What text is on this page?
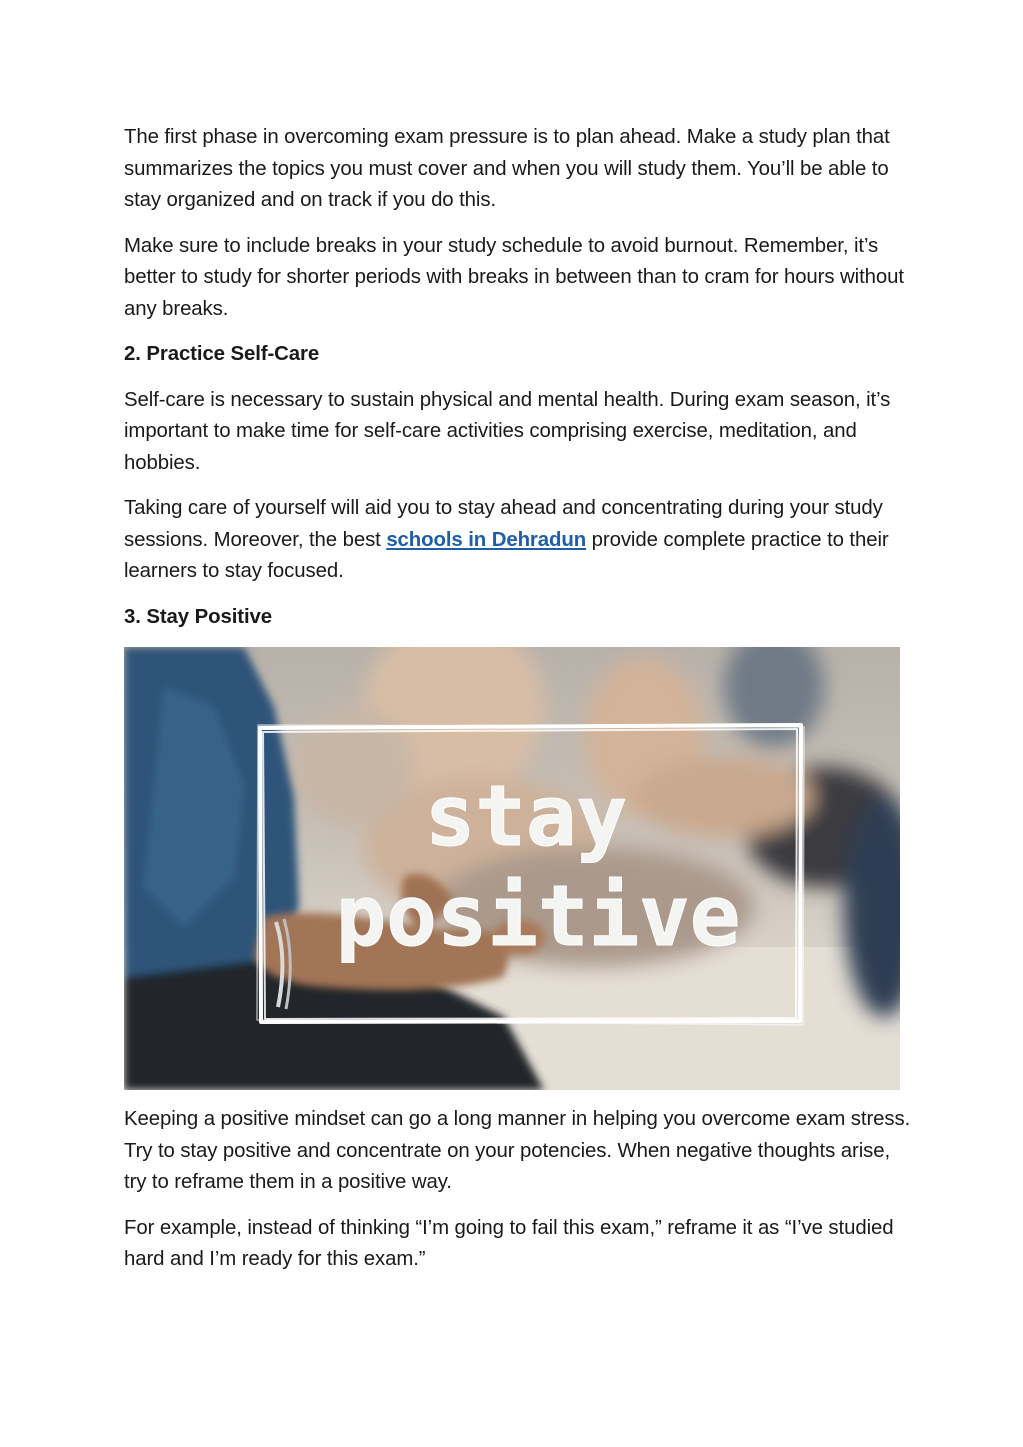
The first phase in overcoming exam pressure is to plan ahead. Make a study plan that summarizes the topics you must cover and when you will study them. You’ll be able to stay organized and on track if you do this.

Make sure to include breaks in your study schedule to avoid burnout. Remember, it’s better to study for shorter periods with breaks in between than to cram for hours without any breaks.

2. Practice Self-Care

Self-care is necessary to sustain physical and mental health. During exam season, it’s important to make time for self-care activities comprising exercise, meditation, and hobbies.

Taking care of yourself will aid you to stay ahead and concentrating during your study sessions. Moreover, the best schools in Dehradun provide complete practice to their learners to stay focused.

3. Stay Positive

stay
positive

Keeping a positive mindset can go a long manner in helping you overcome exam stress. Try to stay positive and concentrate on your potencies. When negative thoughts arise, try to reframe them in a positive way.

For example, instead of thinking “I’m going to fail this exam,” reframe it as “I’ve studied hard and I’m ready for this exam.”
